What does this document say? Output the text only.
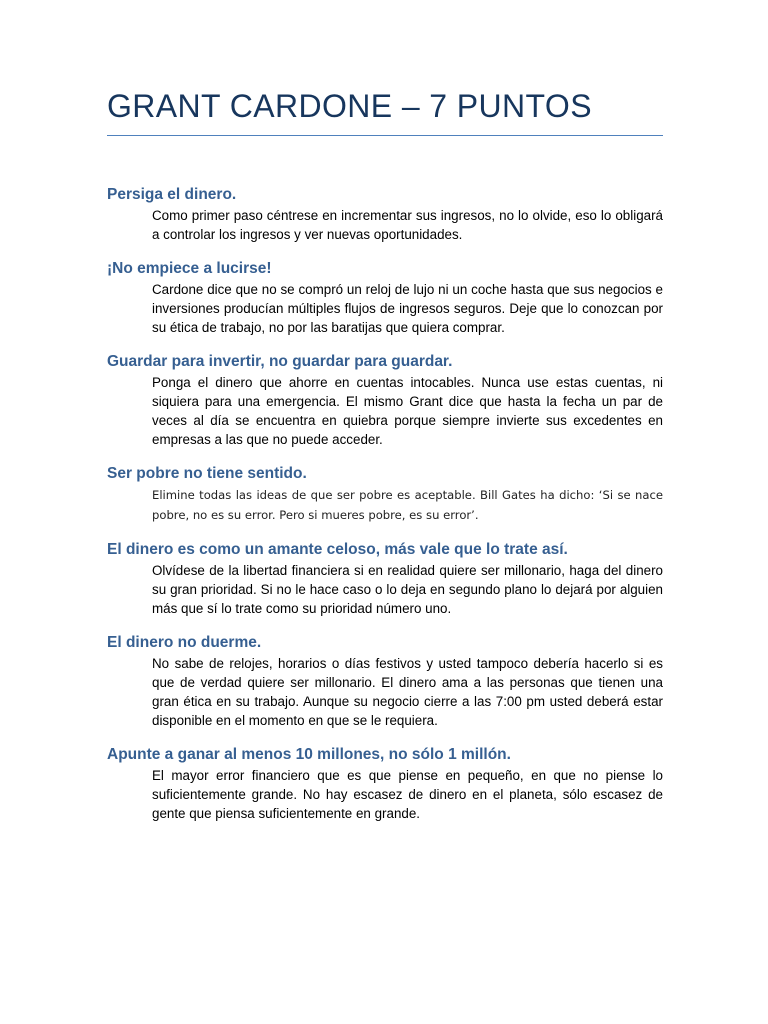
GRANT CARDONE – 7 PUNTOS
Persiga el dinero.

Como primer paso céntrese en incrementar sus ingresos, no lo olvide, eso lo obligará a controlar los ingresos y ver nuevas oportunidades.

¡No empiece a lucirse!

Cardone dice que no se compró un reloj de lujo ni un coche hasta que sus negocios e inversiones producían múltiples flujos de ingresos seguros. Deje que lo conozcan por su ética de trabajo, no por las baratijas que quiera comprar.

Guardar para invertir, no guardar para guardar.

Ponga el dinero que ahorre en cuentas intocables. Nunca use estas cuentas, ni siquiera para una emergencia. El mismo Grant dice que hasta la fecha un par de veces al día se encuentra en quiebra porque siempre invierte sus excedentes en empresas a las que no puede acceder.

Ser pobre no tiene sentido.

Elimine todas las ideas de que ser pobre es aceptable. Bill Gates ha dicho: ‘Si se nace pobre, no es su error. Pero si mueres pobre, es su error’.

El dinero es como un amante celoso, más vale que lo trate así.

Olvídese de la libertad financiera si en realidad quiere ser millonario, haga del dinero su gran prioridad. Si no le hace caso o lo deja en segundo plano lo dejará por alguien más que sí lo trate como su prioridad número uno.

El dinero no duerme.

No sabe de relojes, horarios o días festivos y usted tampoco debería hacerlo si es que de verdad quiere ser millonario. El dinero ama a las personas que tienen una gran ética en su trabajo. Aunque su negocio cierre a las 7:00 pm usted deberá estar disponible en el momento en que se le requiera.

Apunte a ganar al menos 10 millones, no sólo 1 millón.

El mayor error financiero que es que piense en pequeño, en que no piense lo suficientemente grande. No hay escasez de dinero en el planeta, sólo escasez de gente que piensa suficientemente en grande.
